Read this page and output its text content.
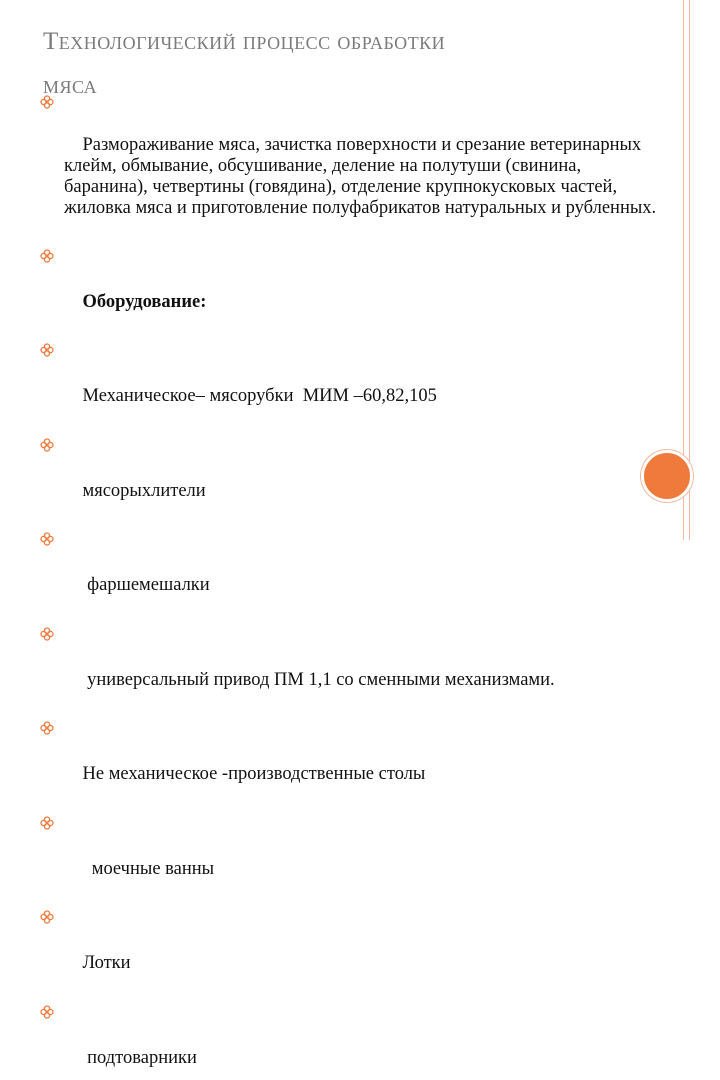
Технологический процесс обработки
мяса

Размораживание мяса, зачистка поверхности и срезание ветеринарных клейм, обмывание, обсушивание, деление на полутуши (свинина, баранина), четвертины (говядина), отделение крупнокусковых частей, жиловка мяса и приготовление полуфабрикатов натуральных и рубленных.

Оборудование:

Механическое– мясорубки  МИМ –60,82,105

мясорыхлители

фаршемешалки

универсальный привод ПМ 1,1 со сменными механизмами.

Не механическое -производственные столы

моечные ванны

Лотки

подтоварники
